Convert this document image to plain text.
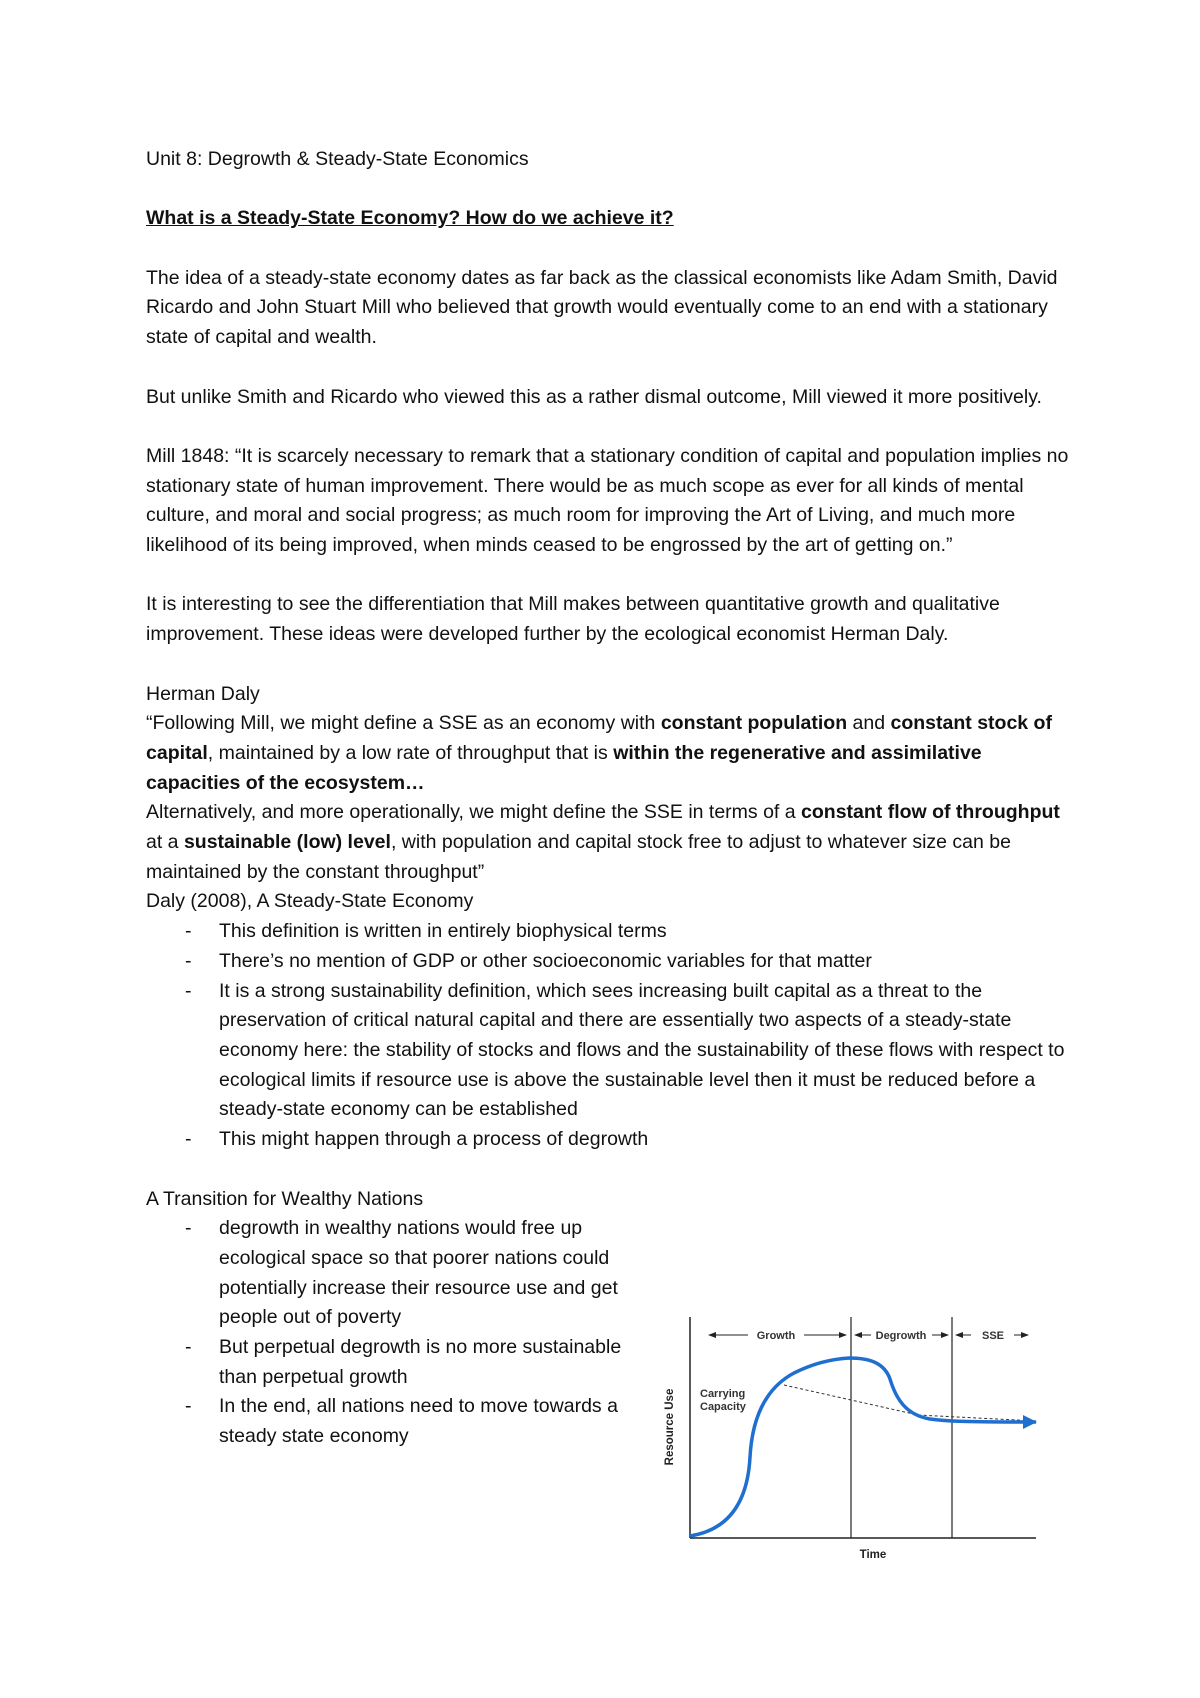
Unit 8: Degrowth & Steady-State Economics

What is a Steady-State Economy? How do we achieve it?

The idea of a steady-state economy dates as far back as the classical economists like Adam Smith, David Ricardo and John Stuart Mill who believed that growth would eventually come to an end with a stationary state of capital and wealth.

But unlike Smith and Ricardo who viewed this as a rather dismal outcome, Mill viewed it more positively.

Mill 1848: “It is scarcely necessary to remark that a stationary condition of capital and population implies no stationary state of human improvement. There would be as much scope as ever for all kinds of mental culture, and moral and social progress; as much room for improving the Art of Living, and much more likelihood of its being improved, when minds ceased to be engrossed by the art of getting on.”

It is interesting to see the differentiation that Mill makes between quantitative growth and qualitative improvement. These ideas were developed further by the ecological economist Herman Daly.

Herman Daly

“Following Mill, we might define a SSE as an economy with constant population and constant stock of capital, maintained by a low rate of throughput that is within the regenerative and assimilative capacities of the ecosystem…

Alternatively, and more operationally, we might define the SSE in terms of a constant flow of throughput at a sustainable (low) level, with population and capital stock free to adjust to whatever size can be maintained by the constant throughput”

Daly (2008), A Steady-State Economy

- This definition is written in entirely biophysical terms
- There’s no mention of GDP or other socioeconomic variables for that matter
- It is a strong sustainability definition, which sees increasing built capital as a threat to the preservation of critical natural capital and there are essentially two aspects of a steady-state economy here: the stability of stocks and flows and the sustainability of these flows with respect to ecological limits if resource use is above the sustainable level then it must be reduced before a steady-state economy can be established
- This might happen through a process of degrowth

A Transition for Wealthy Nations

- degrowth in wealthy nations would free up ecological space so that poorer nations could potentially increase their resource use and get people out of poverty
- But perpetual degrowth is no more sustainable than perpetual growth
- In the end, all nations need to move towards a steady state economy
Growth	Degrowth	SSE
Resource Use
Time
Carrying Capacity
